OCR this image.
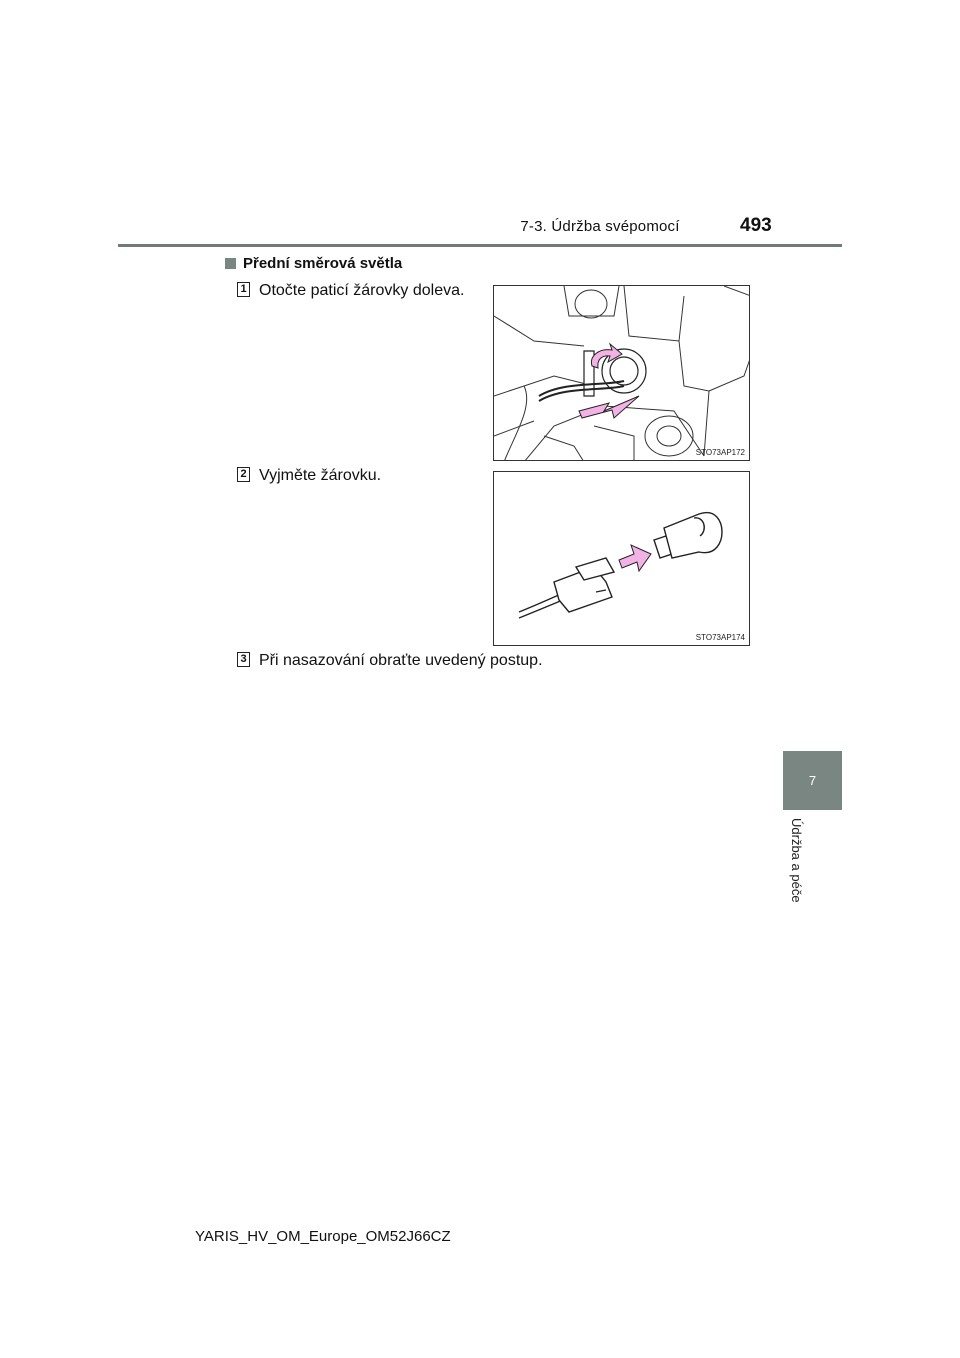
7-3. Údržba svépomocí	493
Přední směrová světla
1 Otočte paticí žárovky doleva.
STO73AP172
2 Vyjměte žárovku.
STO73AP174
3 Při nasazování obraťte uvedený postup.
7
Údržba a péče
YARIS_HV_OM_Europe_OM52J66CZ
